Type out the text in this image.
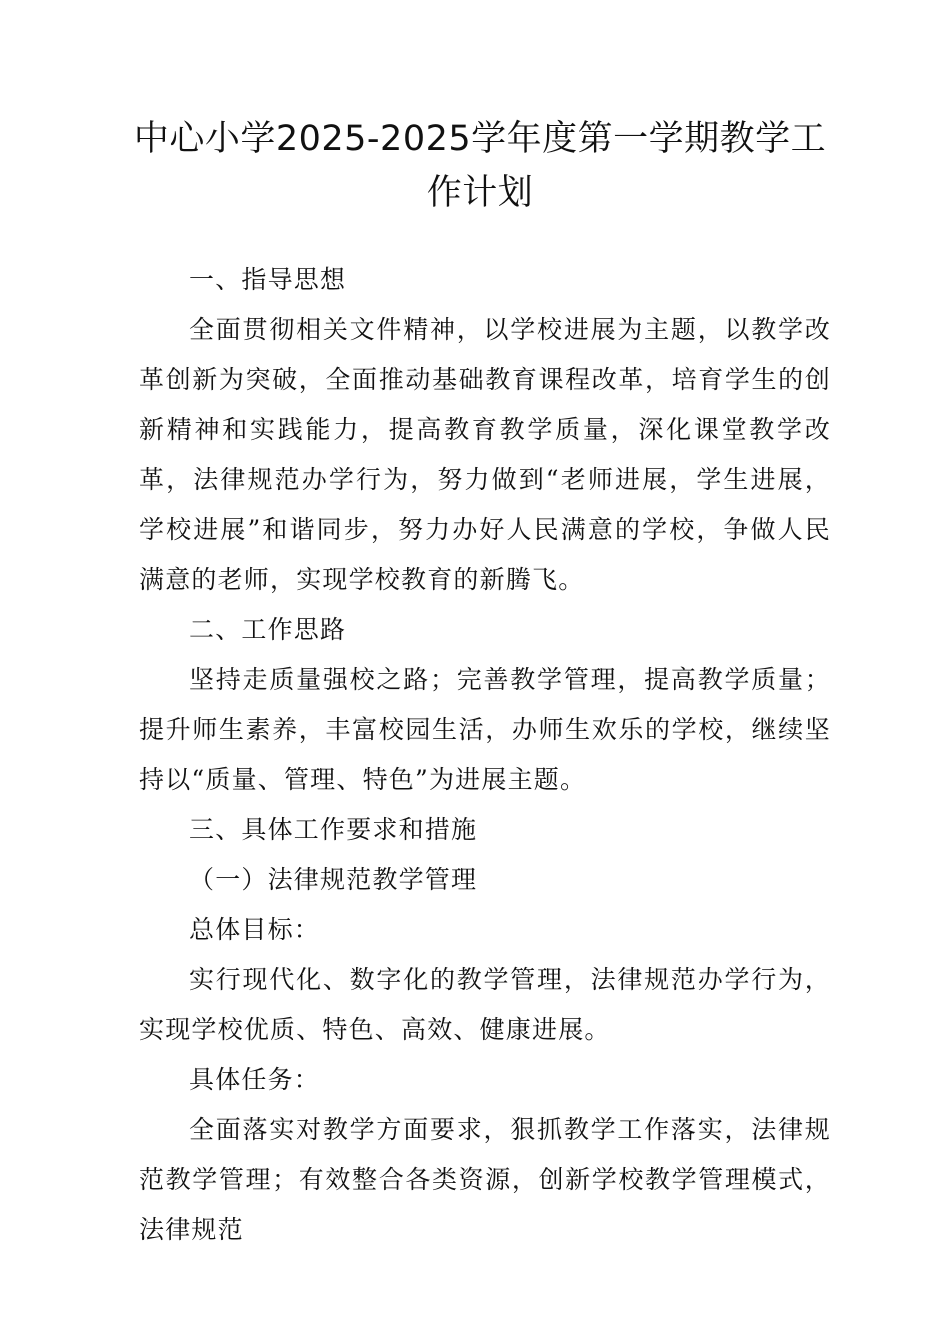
中心小学2025-2025学年度第一学期教学工作计划

一、指导思想

全面贯彻相关文件精神，以学校进展为主题，以教学改革创新为突破，全面推动基础教育课程改革，培育学生的创新精神和实践能力，提高教育教学质量，深化课堂教学改革，法律规范办学行为，努力做到“老师进展，学生进展，学校进展”和谐同步，努力办好人民满意的学校，争做人民满意的老师，实现学校教育的新腾飞。

二、工作思路

坚持走质量强校之路；完善教学管理，提高教学质量；提升师生素养，丰富校园生活，办师生欢乐的学校，继续坚持以“质量、管理、特色”为进展主题。

三、具体工作要求和措施

（一）法律规范教学管理

总体目标：

实行现代化、数字化的教学管理，法律规范办学行为，实现学校优质、特色、高效、健康进展。

具体任务：

全面落实对教学方面要求，狠抓教学工作落实，法律规范教学管理；有效整合各类资源，创新学校教学管理模式，法律规范
